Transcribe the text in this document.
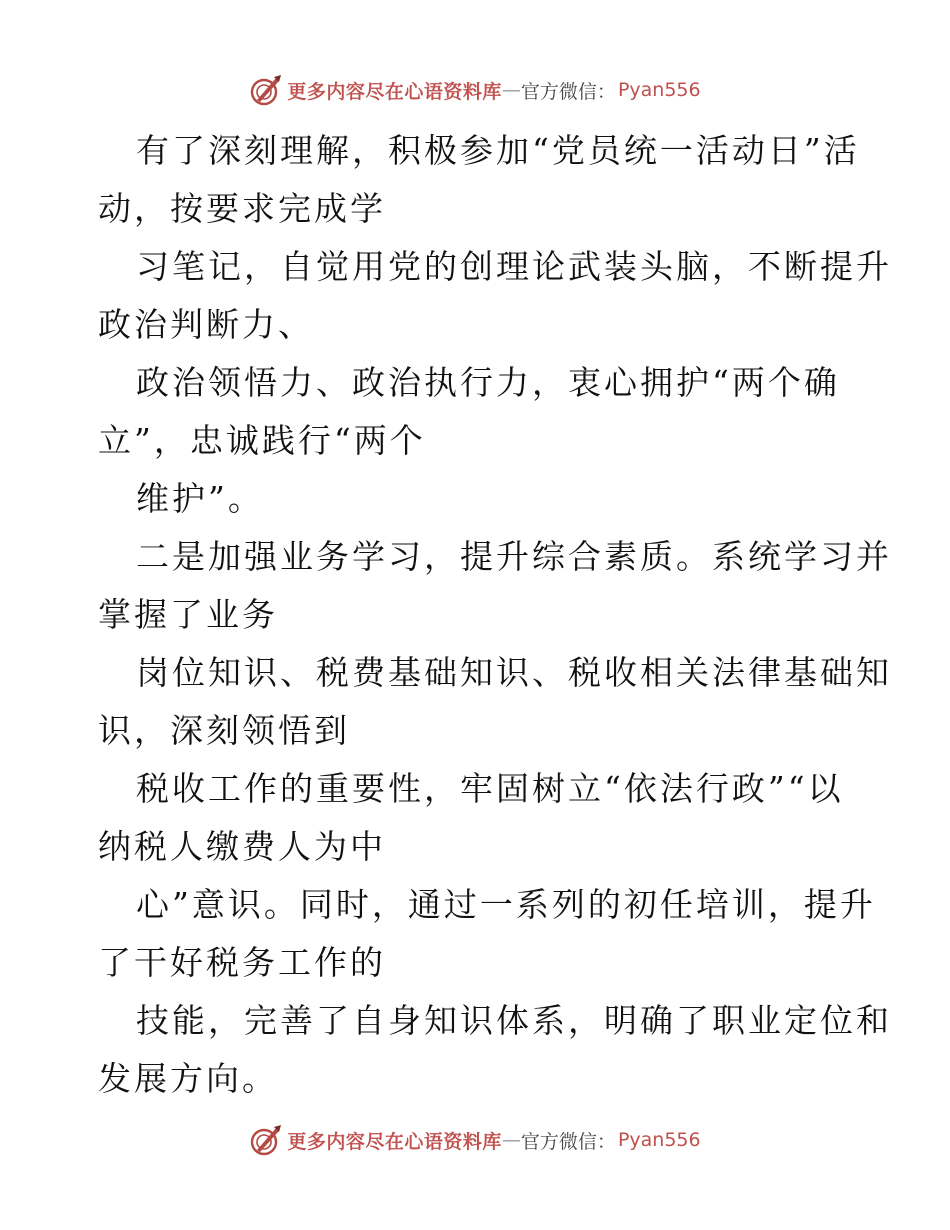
更多内容尽在心语资料库 — 官方微信： Pyan556
有了深刻理解，积极参加“党员统一活动日”活
动，按要求完成学
习笔记，自觉用党的创理论武装头脑，不断提升
政治判断力、
政治领悟力、政治执行力，衷心拥护“两个确
立”，忠诚践行“两个
维护”。
二是加强业务学习，提升综合素质。系统学习并
掌握了业务
岗位知识、税费基础知识、税收相关法律基础知
识，深刻领悟到
税收工作的重要性，牢固树立“依法行政”“以
纳税人缴费人为中
心”意识。同时，通过一系列的初任培训，提升
了干好税务工作的
技能，完善了自身知识体系，明确了职业定位和
发展方向。
更多内容尽在心语资料库 — 官方微信： Pyan556
